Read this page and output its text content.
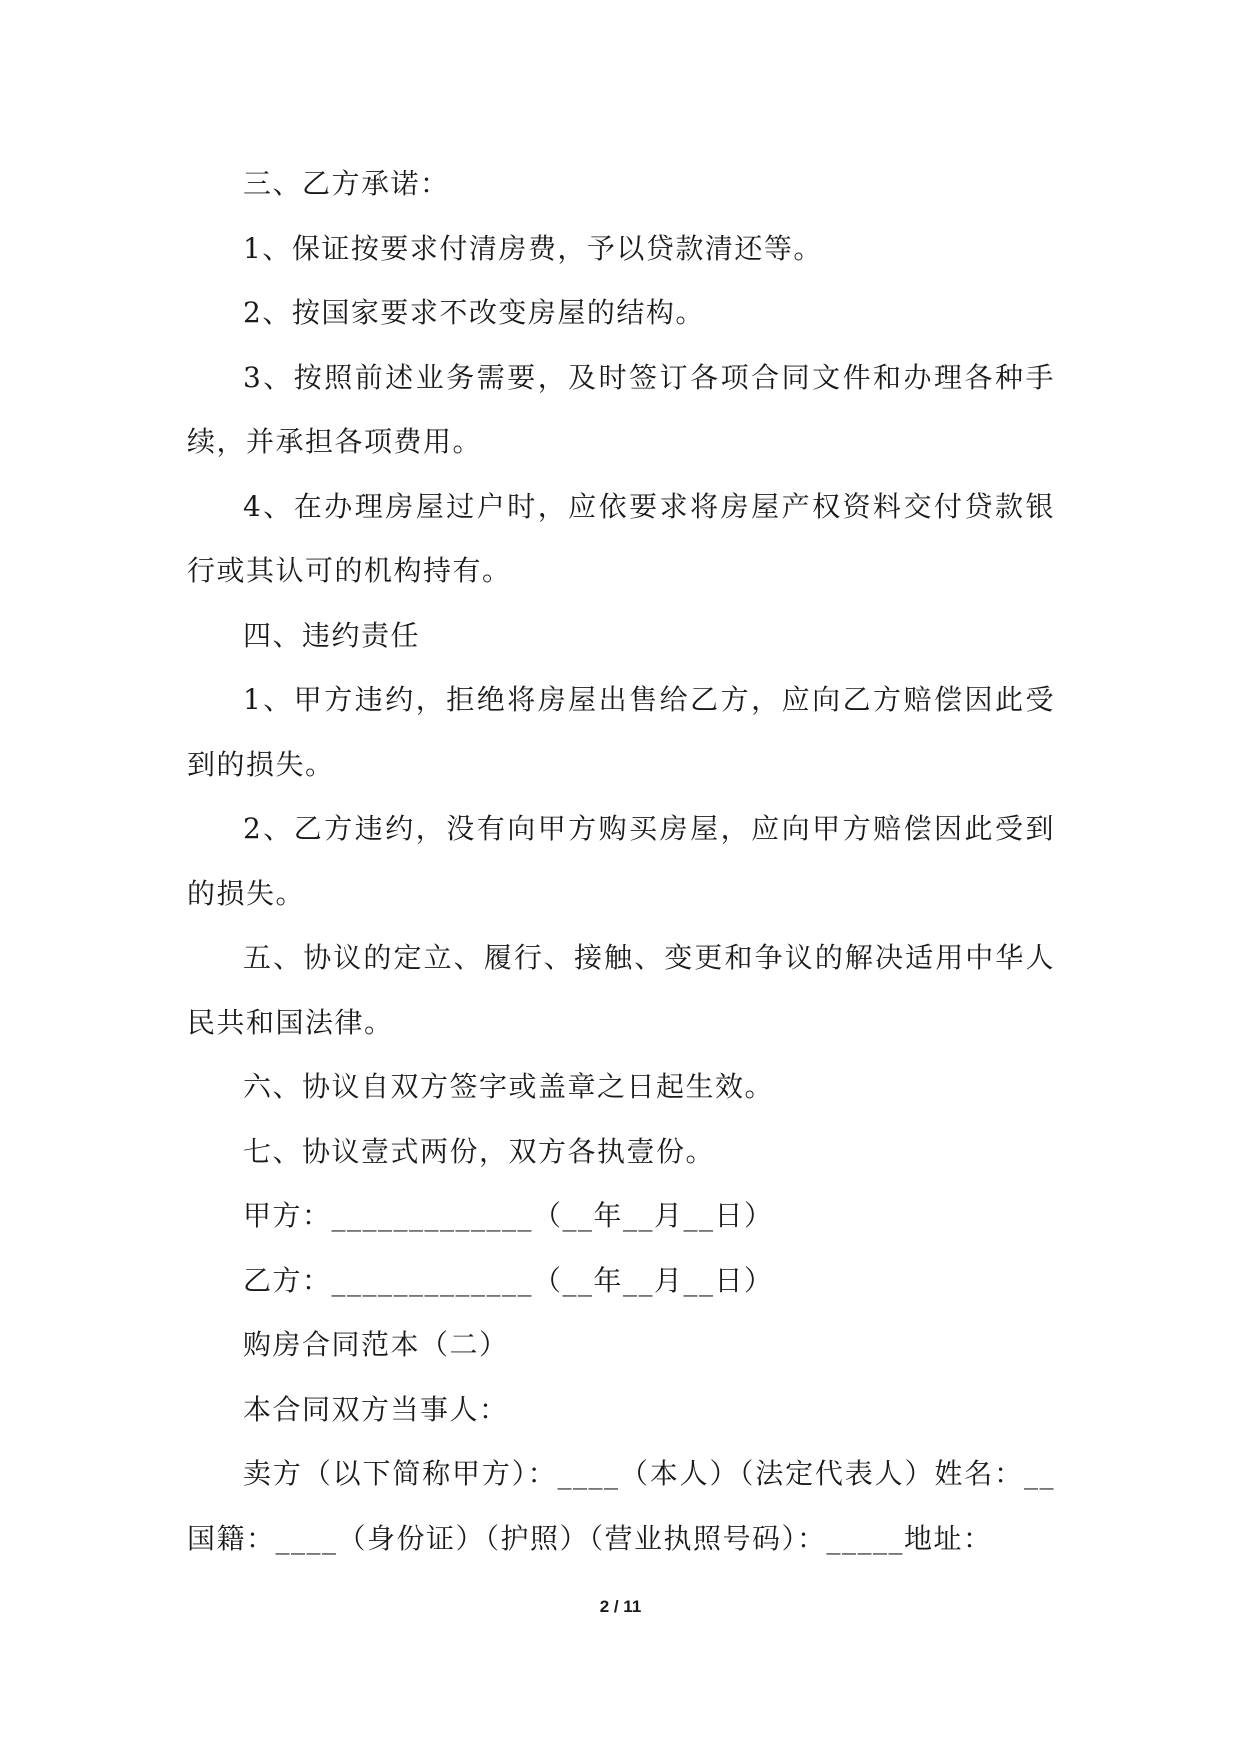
三、乙方承诺：

1、保证按要求付清房费，予以贷款清还等。

2、按国家要求不改变房屋的结构。

3、按照前述业务需要，及时签订各项合同文件和办理各种手续，并承担各项费用。

4、在办理房屋过户时，应依要求将房屋产权资料交付贷款银行或其认可的机构持有。

四、违约责任

1、甲方违约，拒绝将房屋出售给乙方，应向乙方赔偿因此受到的损失。

2、乙方违约，没有向甲方购买房屋，应向甲方赔偿因此受到的损失。

五、协议的定立、履行、接触、变更和争议的解决适用中华人民共和国法律。

六、协议自双方签字或盖章之日起生效。

七、协议壹式两份，双方各执壹份。

甲方：_____________（__年__月__日）

乙方：_____________（__年__月__日）

购房合同范本（二）

本合同双方当事人：

卖方（以下简称甲方）：____（本人）（法定代表人）姓名：__国籍：____（身份证）（护照）（营业执照号码）：_____地址：

2 / 11
